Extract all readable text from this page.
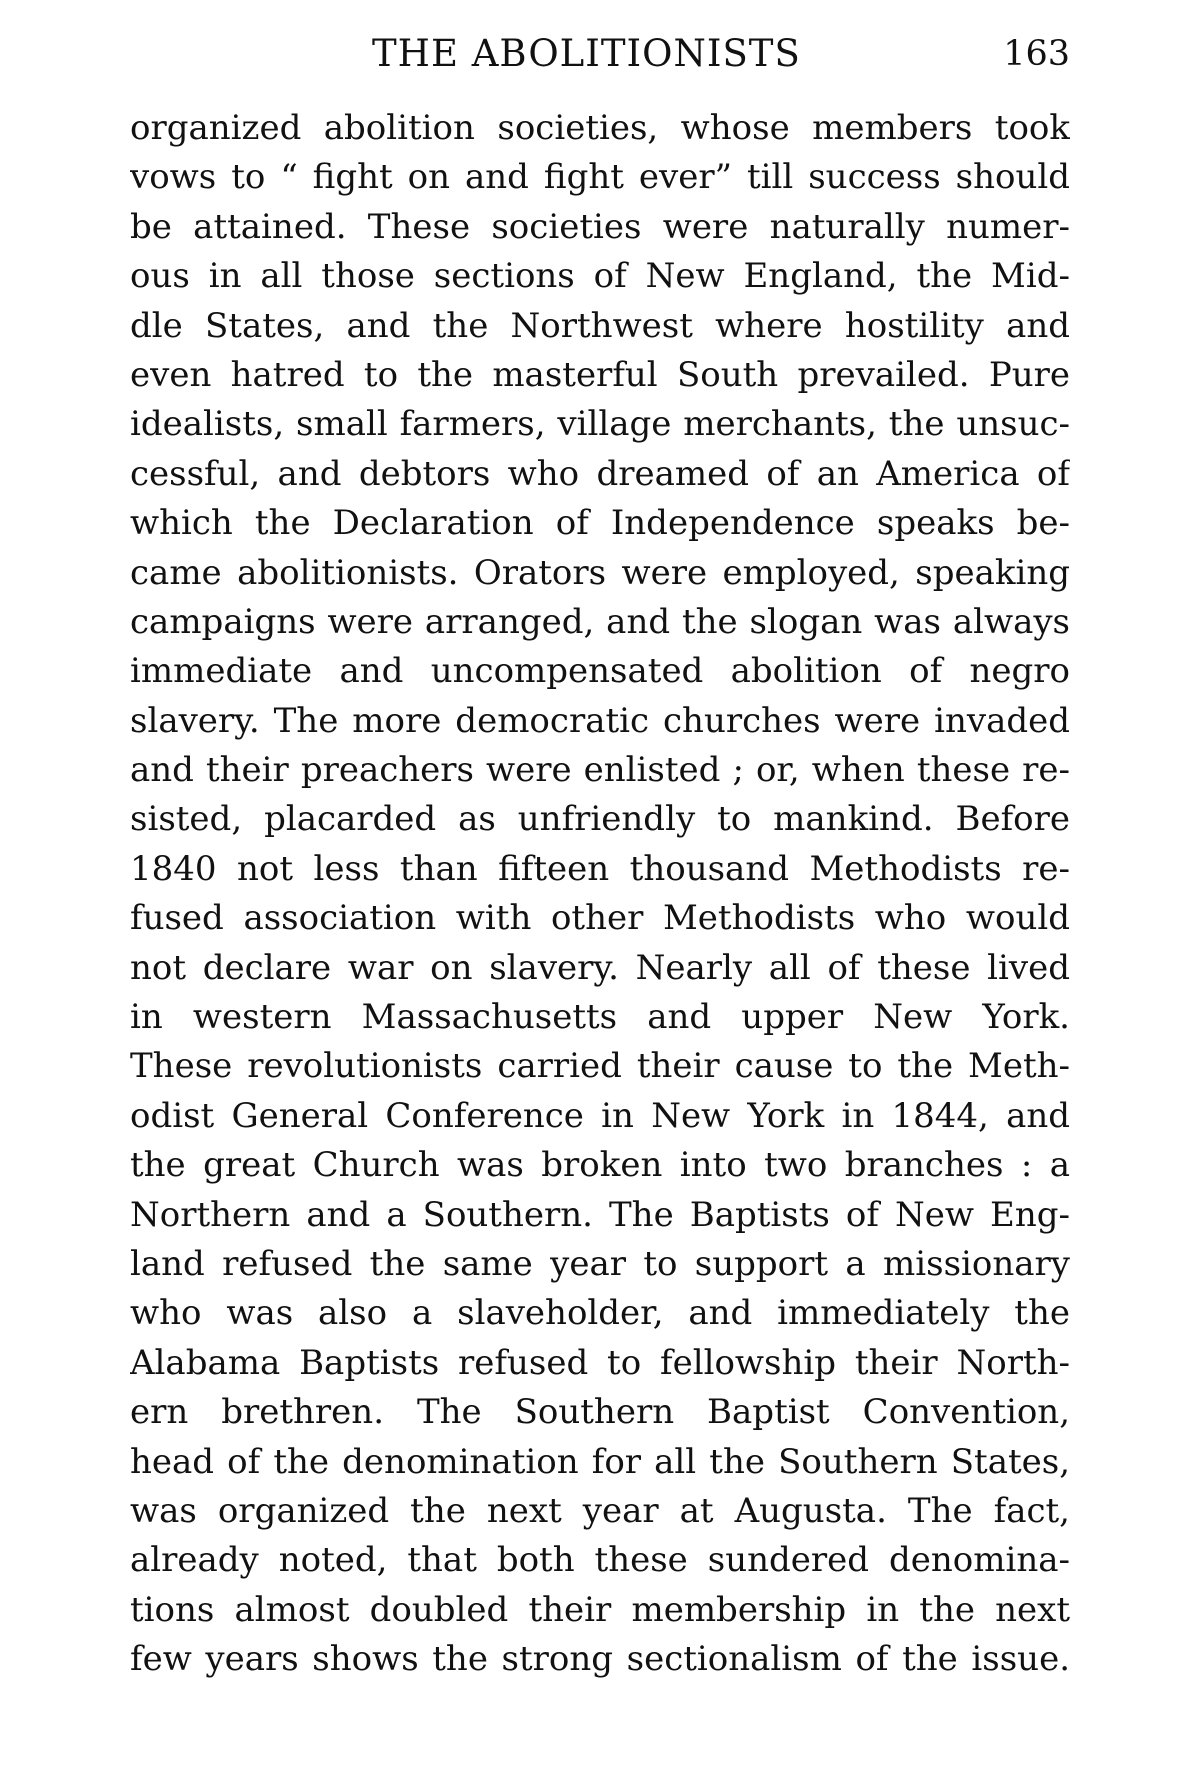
THE ABOLITIONISTS	163
organized abolition societies, whose members took
vows to “ fight on and fight ever” till success should
be attained. These societies were naturally numer-
ous in all those sections of New England, the Mid-
dle States, and the Northwest where hostility and
even hatred to the masterful South prevailed. Pure
idealists, small farmers, village merchants, the unsuc-
cessful, and debtors who dreamed of an America of
which the Declaration of Independence speaks be-
came abolitionists. Orators were employed, speaking
campaigns were arranged, and the slogan was always
immediate and uncompensated abolition of negro
slavery. The more democratic churches were invaded
and their preachers were enlisted ; or, when these re-
sisted, placarded as unfriendly to mankind. Before
1840 not less than fifteen thousand Methodists re-
fused association with other Methodists who would
not declare war on slavery. Nearly all of these lived
in western Massachusetts and upper New York.
These revolutionists carried their cause to the Meth-
odist General Conference in New York in 1844, and
the great Church was broken into two branches : a
Northern and a Southern. The Baptists of New Eng-
land refused the same year to support a missionary
who was also a slaveholder, and immediately the
Alabama Baptists refused to fellowship their North-
ern brethren. The Southern Baptist Convention,
head of the denomination for all the Southern States,
was organized the next year at Augusta. The fact,
already noted, that both these sundered denomina-
tions almost doubled their membership in the next
few years shows the strong sectionalism of the issue.
